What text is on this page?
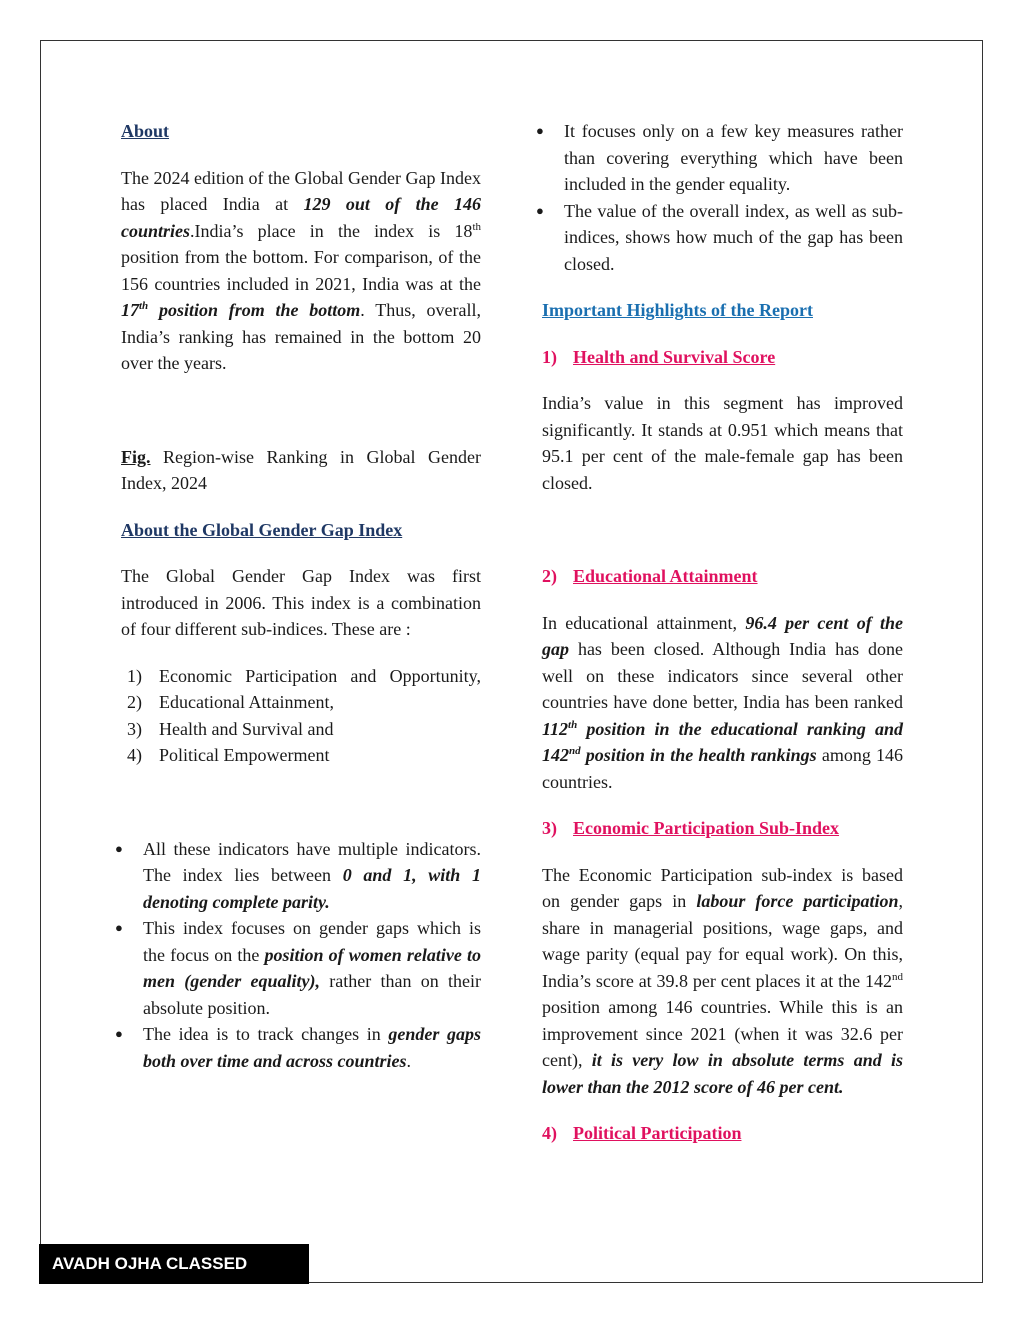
About

The 2024 edition of the Global Gender Gap Index has placed India at 129 out of the 146 countries.India’s place in the index is 18th position from the bottom. For comparison, of the 156 countries included in 2021, India was at the 17th position from the bottom. Thus, overall, India’s ranking has remained in the bottom 20 over the years.

Fig. Region-wise Ranking in Global Gender Index, 2024

About the Global Gender Gap Index

The Global Gender Gap Index was first introduced in 2006. This index is a combination of four different sub-indices. These are :

1) Economic Participation and Opportunity,
2) Educational Attainment,
3) Health and Survival and
4) Political Empowerment
● All these indicators have multiple indicators. The index lies between 0 and 1, with 1 denoting complete parity.
● This index focuses on gender gaps which is the focus on the position of women relative to men (gender equality), rather than on their absolute position.
● The idea is to track changes in gender gaps both over time and across countries.
● It focuses only on a few key measures rather than covering everything which have been included in the gender equality.
● The value of the overall index, as well as sub-indices, shows how much of the gap has been closed.

Important Highlights of the Report

1) Health and Survival Score

India’s value in this segment has improved significantly. It stands at 0.951 which means that 95.1 per cent of the male-female gap has been closed.

2) Educational Attainment

In educational attainment, 96.4 per cent of the gap has been closed. Although India has done well on these indicators since several other countries have done better, India has been ranked 112th position in the educational ranking and 142nd position in the health rankings among 146 countries.

3) Economic Participation Sub-Index

The Economic Participation sub-index is based on gender gaps in labour force participation, share in managerial positions, wage gaps, and wage parity (equal pay for equal work). On this, India’s score at 39.8 per cent places it at the 142nd position among 146 countries. While this is an improvement since 2021 (when it was 32.6 per cent), it is very low in absolute terms and is lower than the 2012 score of 46 per cent.

4) Political Participation

AVADH OJHA CLASSED
